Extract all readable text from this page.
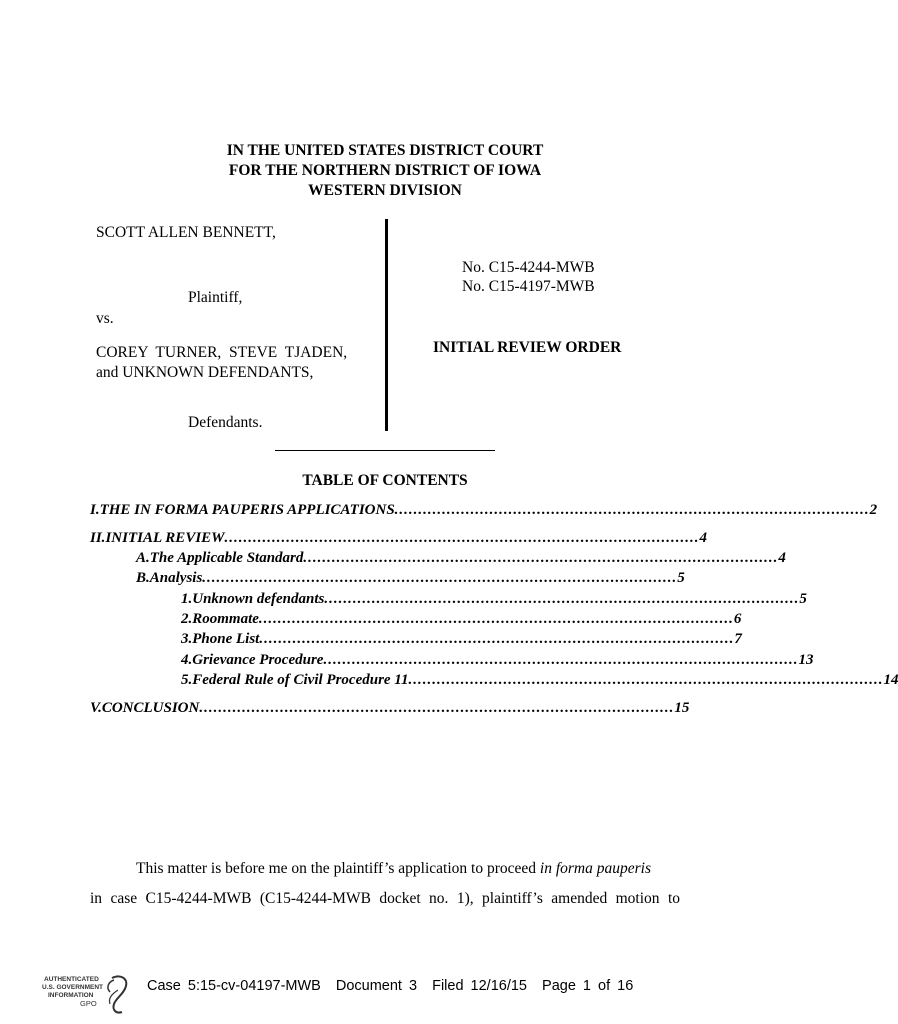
IN THE UNITED STATES DISTRICT COURT
FOR THE NORTHERN DISTRICT OF IOWA
WESTERN DIVISION
SCOTT ALLEN BENNETT,
Plaintiff,
vs.
COREY  TURNER,  STEVE  TJADEN,
and UNKNOWN DEFENDANTS,
Defendants.
No. C15-4244-MWB
No. C15-4197-MWB
INITIAL REVIEW ORDER
TABLE OF CONTENTS
I. THE IN FORMA PAUPERIS APPLICATIONS .................................................................................................... 2
II. INITIAL REVIEW .................................................................................................... 4
A. The Applicable Standard .................................................................................................... 4
B. Analysis .................................................................................................... 5
1. Unknown defendants .................................................................................................... 5
2. Roommate .................................................................................................... 6
3. Phone List .................................................................................................... 7
4. Grievance Procedure .................................................................................................... 13
5. Federal Rule of Civil Procedure 11 .................................................................................................... 14
V. CONCLUSION .................................................................................................... 15
This matter is before me on the plaintiff’s application to proceed in forma pauperis
in case C15-4244-MWB (C15-4244-MWB docket no. 1), plaintiff’s amended motion to
AUTHENTICATED
U.S. GOVERNMENT
INFORMATION
GPO
Case 5:15-cv-04197-MWB Document 3 Filed 12/16/15 Page 1 of 16
